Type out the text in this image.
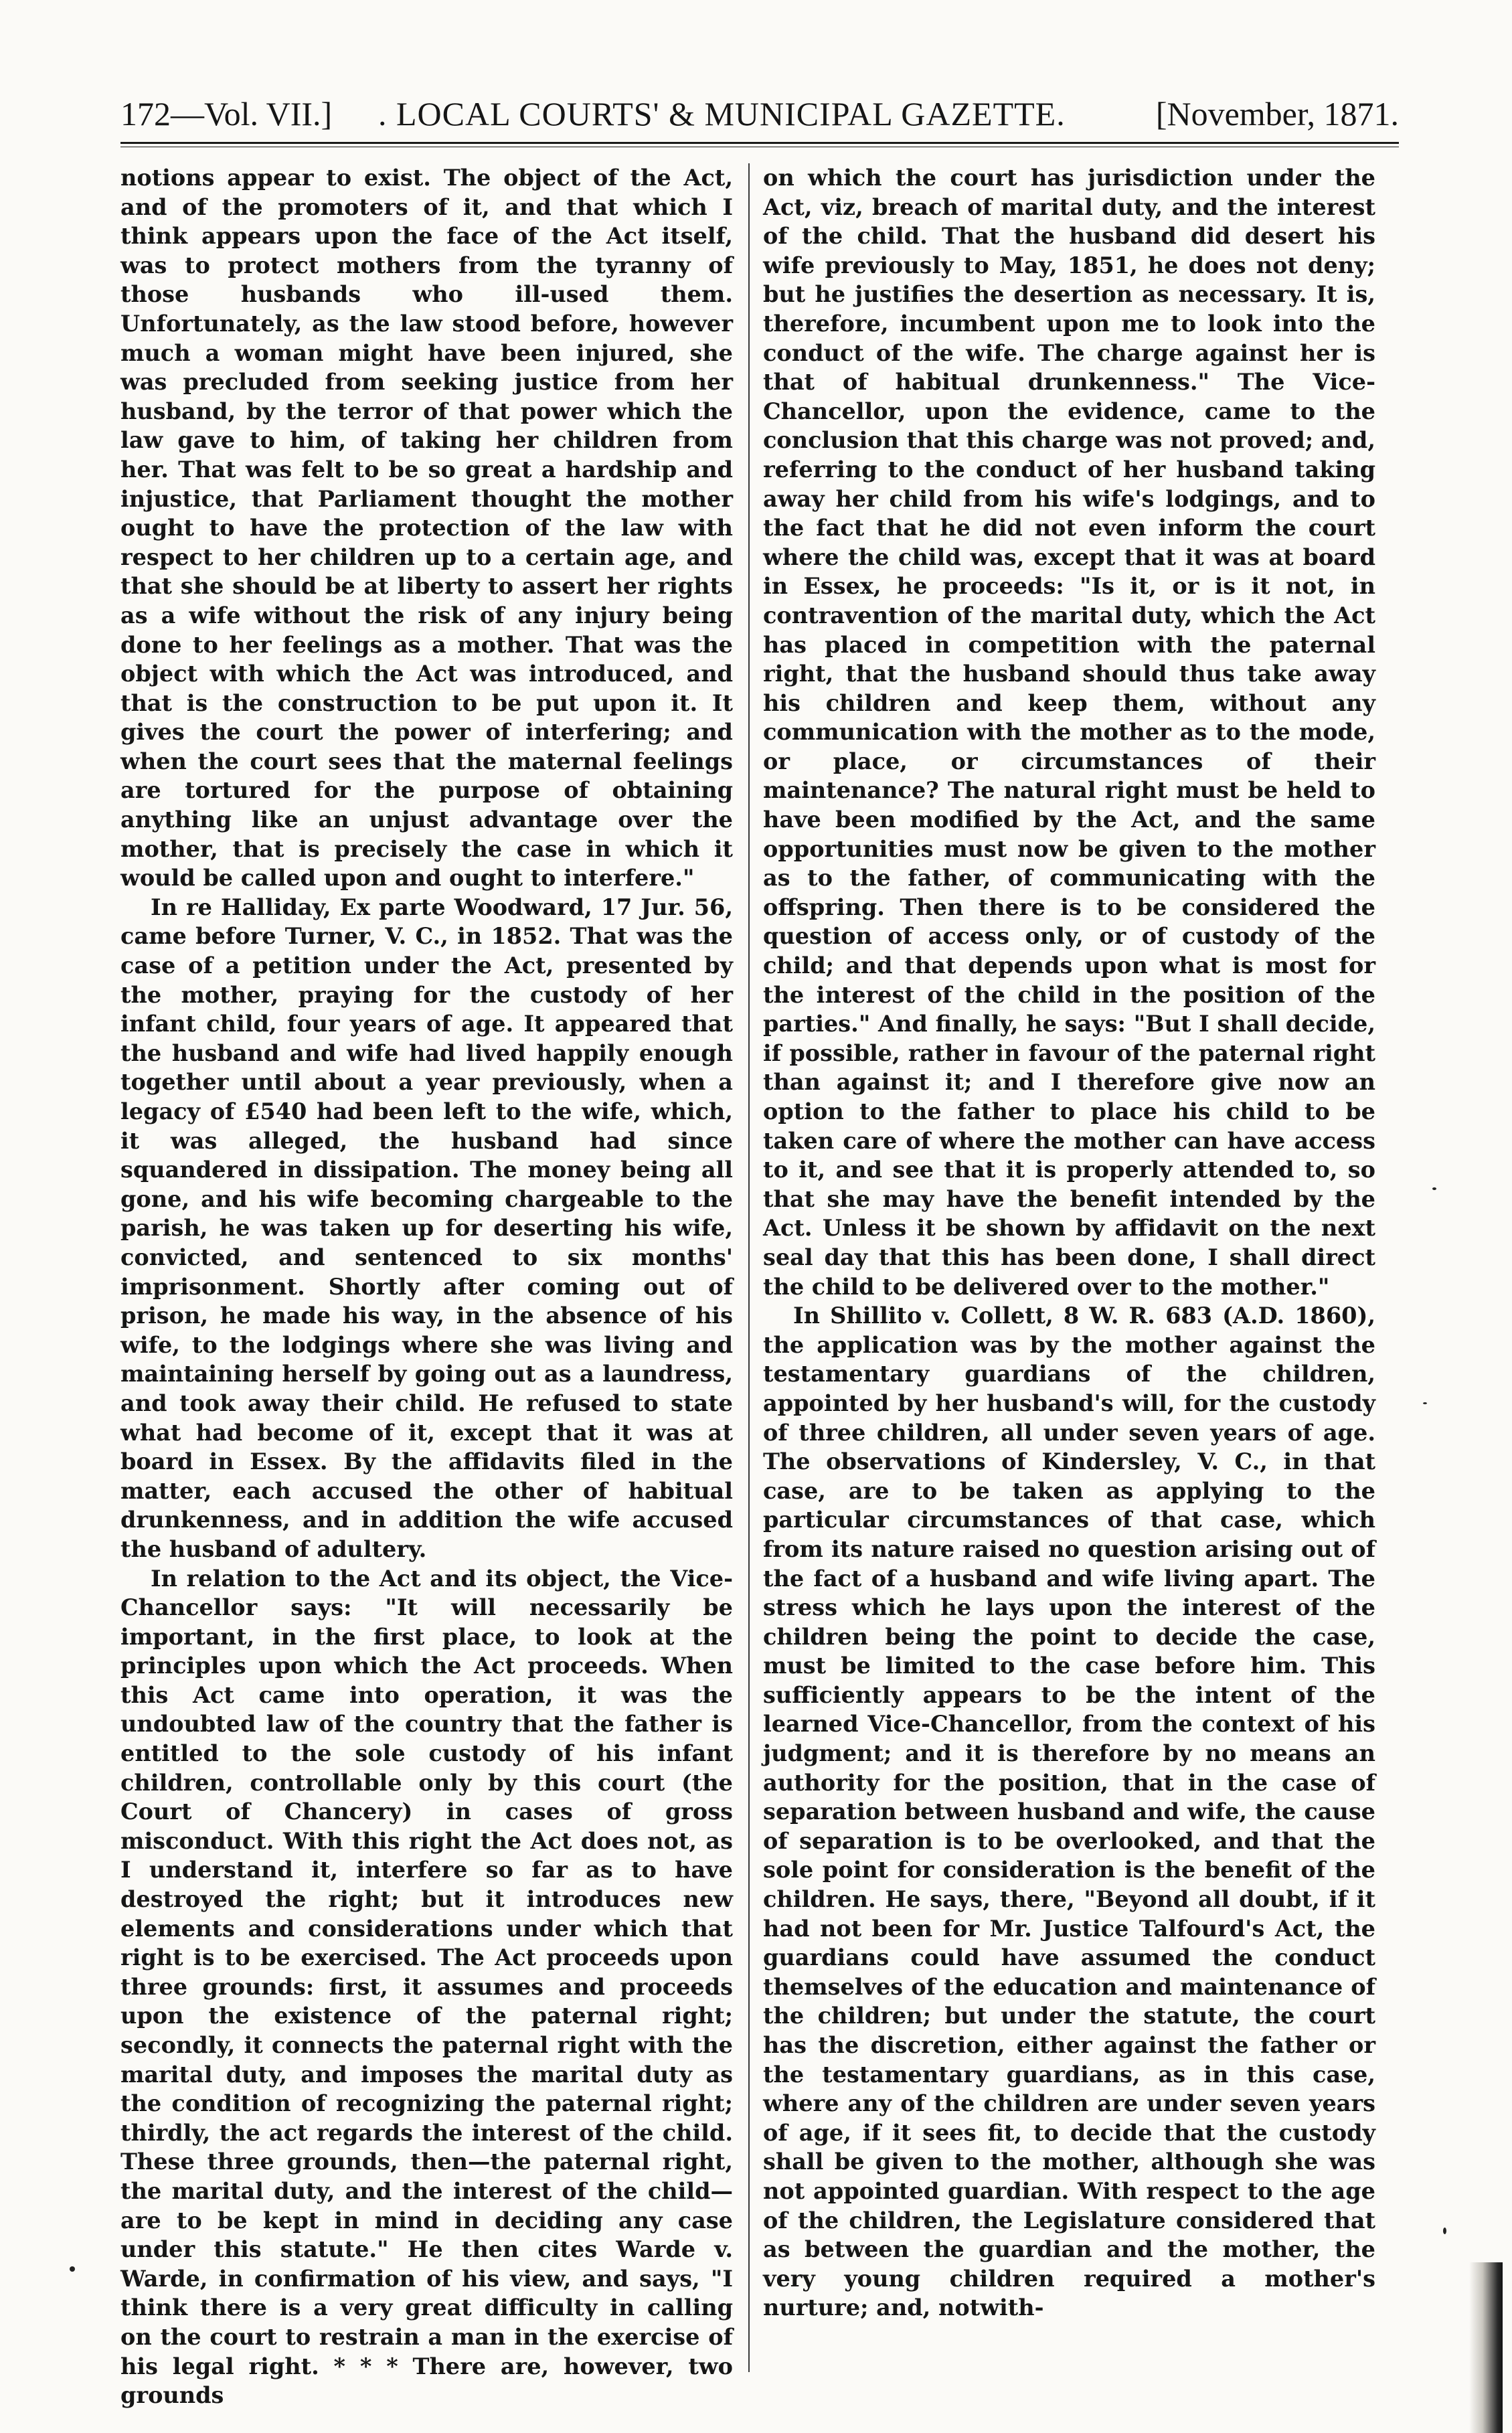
172—Vol. VII.] . LOCAL COURTS' & MUNICIPAL GAZETTE.	[November, 1871.

notions appear to exist. The object of the Act, and of the promoters of it, and that which I think appears upon the face of the Act itself, was to protect mothers from the tyranny of those husbands who ill-used them. Unfortunately, as the law stood before, however much a woman might have been injured, she was precluded from seeking justice from her husband, by the terror of that power which the law gave to him, of taking her children from her. That was felt to be so great a hardship and injustice, that Parliament thought the mother ought to have the protection of the law with respect to her children up to a certain age, and that she should be at liberty to assert her rights as a wife without the risk of any injury being done to her feelings as a mother. That was the object with which the Act was introduced, and that is the construction to be put upon it. It gives the court the power of interfering; and when the court sees that the maternal feelings are tortured for the purpose of obtaining anything like an unjust advantage over the mother, that is precisely the case in which it would be called upon and ought to interfere."

In re Halliday, Ex parte Woodward, 17 Jur. 56, came before Turner, V. C., in 1852. That was the case of a petition under the Act, presented by the mother, praying for the custody of her infant child, four years of age. It appeared that the husband and wife had lived happily enough together until about a year previously, when a legacy of £540 had been left to the wife, which, it was alleged, the husband had since squandered in dissipation. The money being all gone, and his wife becoming chargeable to the parish, he was taken up for deserting his wife, convicted, and sentenced to six months' imprisonment. Shortly after coming out of prison, he made his way, in the absence of his wife, to the lodgings where she was living and maintaining herself by going out as a laundress, and took away their child. He refused to state what had become of it, except that it was at board in Essex. By the affidavits filed in the matter, each accused the other of habitual drunkenness, and in addition the wife accused the husband of adultery.

In relation to the Act and its object, the Vice-Chancellor says: "It will necessarily be important, in the first place, to look at the principles upon which the Act proceeds. When this Act came into operation, it was the undoubted law of the country that the father is entitled to the sole custody of his infant children, controllable only by this court (the Court of Chancery) in cases of gross misconduct. With this right the Act does not, as I understand it, interfere so far as to have destroyed the right; but it introduces new elements and considerations under which that right is to be exercised. The Act proceeds upon three grounds: first, it assumes and proceeds upon the existence of the paternal right; secondly, it connects the paternal right with the marital duty, and imposes the marital duty as the condition of recognizing the paternal right; thirdly, the act regards the interest of the child. These three grounds, then—the paternal right, the marital duty, and the interest of the child—are to be kept in mind in deciding any case under this statute." He then cites Warde v. Warde, in confirmation of his view, and says, "I think there is a very great difficulty in calling on the court to restrain a man in the exercise of his legal right. * * * There are, however, two grounds

on which the court has jurisdiction under the Act, viz, breach of marital duty, and the interest of the child. That the husband did desert his wife previously to May, 1851, he does not deny; but he justifies the desertion as necessary. It is, therefore, incumbent upon me to look into the conduct of the wife. The charge against her is that of habitual drunkenness." The Vice-Chancellor, upon the evidence, came to the conclusion that this charge was not proved; and, referring to the conduct of her husband taking away her child from his wife's lodgings, and to the fact that he did not even inform the court where the child was, except that it was at board in Essex, he proceeds: "Is it, or is it not, in contravention of the marital duty, which the Act has placed in competition with the paternal right, that the husband should thus take away his children and keep them, without any communication with the mother as to the mode, or place, or circumstances of their maintenance? The natural right must be held to have been modified by the Act, and the same opportunities must now be given to the mother as to the father, of communicating with the offspring. Then there is to be considered the question of access only, or of custody of the child; and that depends upon what is most for the interest of the child in the position of the parties." And finally, he says: "But I shall decide, if possible, rather in favour of the paternal right than against it; and I therefore give now an option to the father to place his child to be taken care of where the mother can have access to it, and see that it is properly attended to, so that she may have the benefit intended by the Act. Unless it be shown by affidavit on the next seal day that this has been done, I shall direct the child to be delivered over to the mother."

In Shillito v. Collett, 8 W. R. 683 (A.D. 1860), the application was by the mother against the testamentary guardians of the children, appointed by her husband's will, for the custody of three children, all under seven years of age. The observations of Kindersley, V. C., in that case, are to be taken as applying to the particular circumstances of that case, which from its nature raised no question arising out of the fact of a husband and wife living apart. The stress which he lays upon the interest of the children being the point to decide the case, must be limited to the case before him. This sufficiently appears to be the intent of the learned Vice-Chancellor, from the context of his judgment; and it is therefore by no means an authority for the position, that in the case of separation between husband and wife, the cause of separation is to be overlooked, and that the sole point for consideration is the benefit of the children. He says, there, "Beyond all doubt, if it had not been for Mr. Justice Talfourd's Act, the guardians could have assumed the conduct themselves of the education and maintenance of the children; but under the statute, the court has the discretion, either against the father or the testamentary guardians, as in this case, where any of the children are under seven years of age, if it sees fit, to decide that the custody shall be given to the mother, although she was not appointed guardian. With respect to the age of the children, the Legislature considered that as between the guardian and the mother, the very young children required a mother's nurture; and, notwith-
